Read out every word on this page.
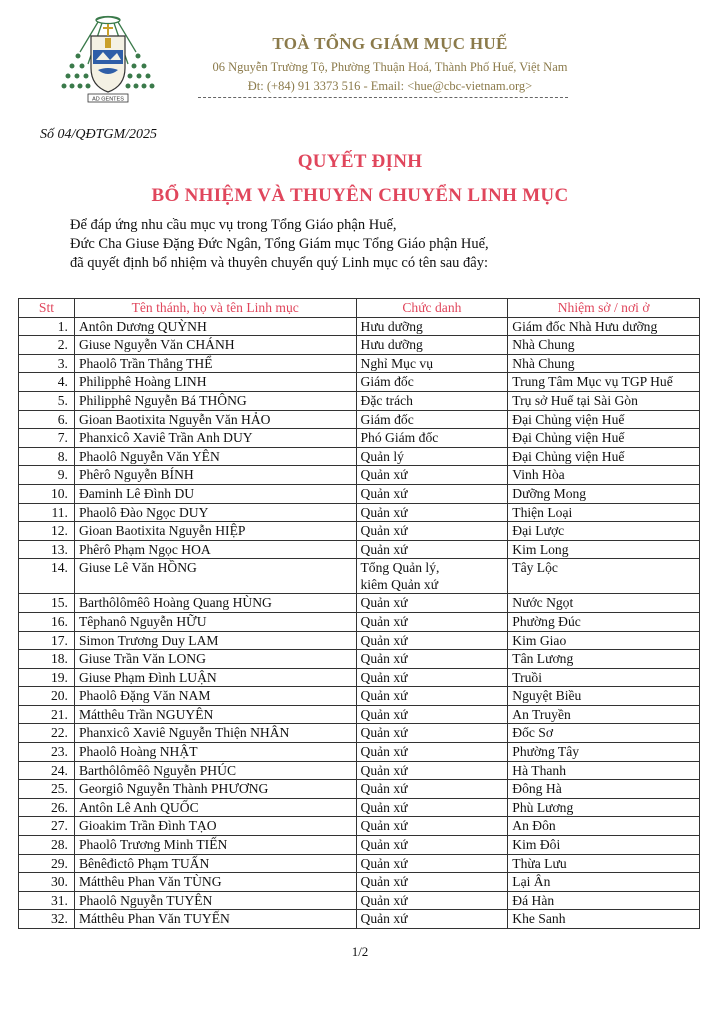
AD GENTES
TOÀ TỔNG GIÁM MỤC HUẾ
06 Nguyễn Trường Tộ, Phường Thuận Hoá, Thành Phố Huế, Việt Nam
Đt: (+84) 91 3373 516 - Email: <hue@cbc-vietnam.org>
Số 04/QĐTGM/2025
QUYẾT ĐỊNH
BỔ NHIỆM VÀ THUYÊN CHUYỂN LINH MỤC
Để đáp ứng nhu cầu mục vụ trong Tổng Giáo phận Huế,
Đức Cha Giuse Đặng Đức Ngân, Tổng Giám mục Tổng Giáo phận Huế,
đã quyết định bổ nhiệm và thuyên chuyển quý Linh mục có tên sau đây:
Stt	Tên thánh, họ và tên Linh mục	Chức danh	Nhiệm sở / nơi ở
1.	Antôn Dương QUỲNH	Hưu dưỡng	Giám đốc Nhà Hưu dưỡng
2.	Giuse Nguyễn Văn CHÁNH	Hưu dưỡng	Nhà Chung
3.	Phaolô Trần Thắng THỂ	Nghỉ Mục vụ	Nhà Chung
4.	Philipphê Hoàng LINH	Giám đốc	Trung Tâm Mục vụ TGP Huế
5.	Philipphê Nguyễn Bá THÔNG	Đặc trách	Trụ sở Huế tại Sài Gòn
6.	Gioan Baotixita Nguyễn Văn HẢO	Giám đốc	Đại Chủng viện Huế
7.	Phanxicô Xaviê Trần Anh DUY	Phó Giám đốc	Đại Chủng viện Huế
8.	Phaolô Nguyễn Văn YÊN	Quản lý	Đại Chủng viện Huế
9.	Phêrô Nguyễn BÍNH	Quản xứ	Vinh Hòa
10.	Đaminh Lê Đình DU	Quản xứ	Dưỡng Mong
11.	Phaolô Đào Ngọc DUY	Quản xứ	Thiện Loại
12.	Gioan Baotixita Nguyễn HIỆP	Quản xứ	Đại Lược
13.	Phêrô Phạm Ngọc HOA	Quản xứ	Kim Long
14.	Giuse Lê Văn HỒNG	Tổng Quản lý,
kiêm Quản xứ	Tây Lộc
15.	Barthôlômêô Hoàng Quang HÙNG	Quản xứ	Nước Ngọt
16.	Têphanô Nguyễn HỮU	Quản xứ	Phường Đúc
17.	Simon Trương Duy LAM	Quản xứ	Kim Giao
18.	Giuse Trần Văn LONG	Quản xứ	Tân Lương
19.	Giuse Phạm Đình LUẬN	Quản xứ	Truồi
20.	Phaolô Đặng Văn NAM	Quản xứ	Nguyệt Biều
21.	Mátthêu Trần NGUYÊN	Quản xứ	An Truyền
22.	Phanxicô Xaviê Nguyễn Thiện NHÂN	Quản xứ	Đốc Sơ
23.	Phaolô Hoàng NHẬT	Quản xứ	Phường Tây
24.	Barthôlômêô Nguyễn PHÚC	Quản xứ	Hà Thanh
25.	Georgiô Nguyễn Thành PHƯƠNG	Quản xứ	Đông Hà
26.	Antôn Lê Anh QUỐC	Quản xứ	Phù Lương
27.	Gioakim Trần Đình TẠO	Quản xứ	An Đôn
28.	Phaolô Trương Minh TIẾN	Quản xứ	Kim Đôi
29.	Bênêđictô Phạm TUẤN	Quản xứ	Thừa Lưu
30.	Mátthêu Phan Văn TÙNG	Quản xứ	Lại Ân
31.	Phaolô Nguyễn TUYÊN	Quản xứ	Đá Hàn
32.	Mátthêu Phan Văn TUYẾN	Quản xứ	Khe Sanh
1/2
